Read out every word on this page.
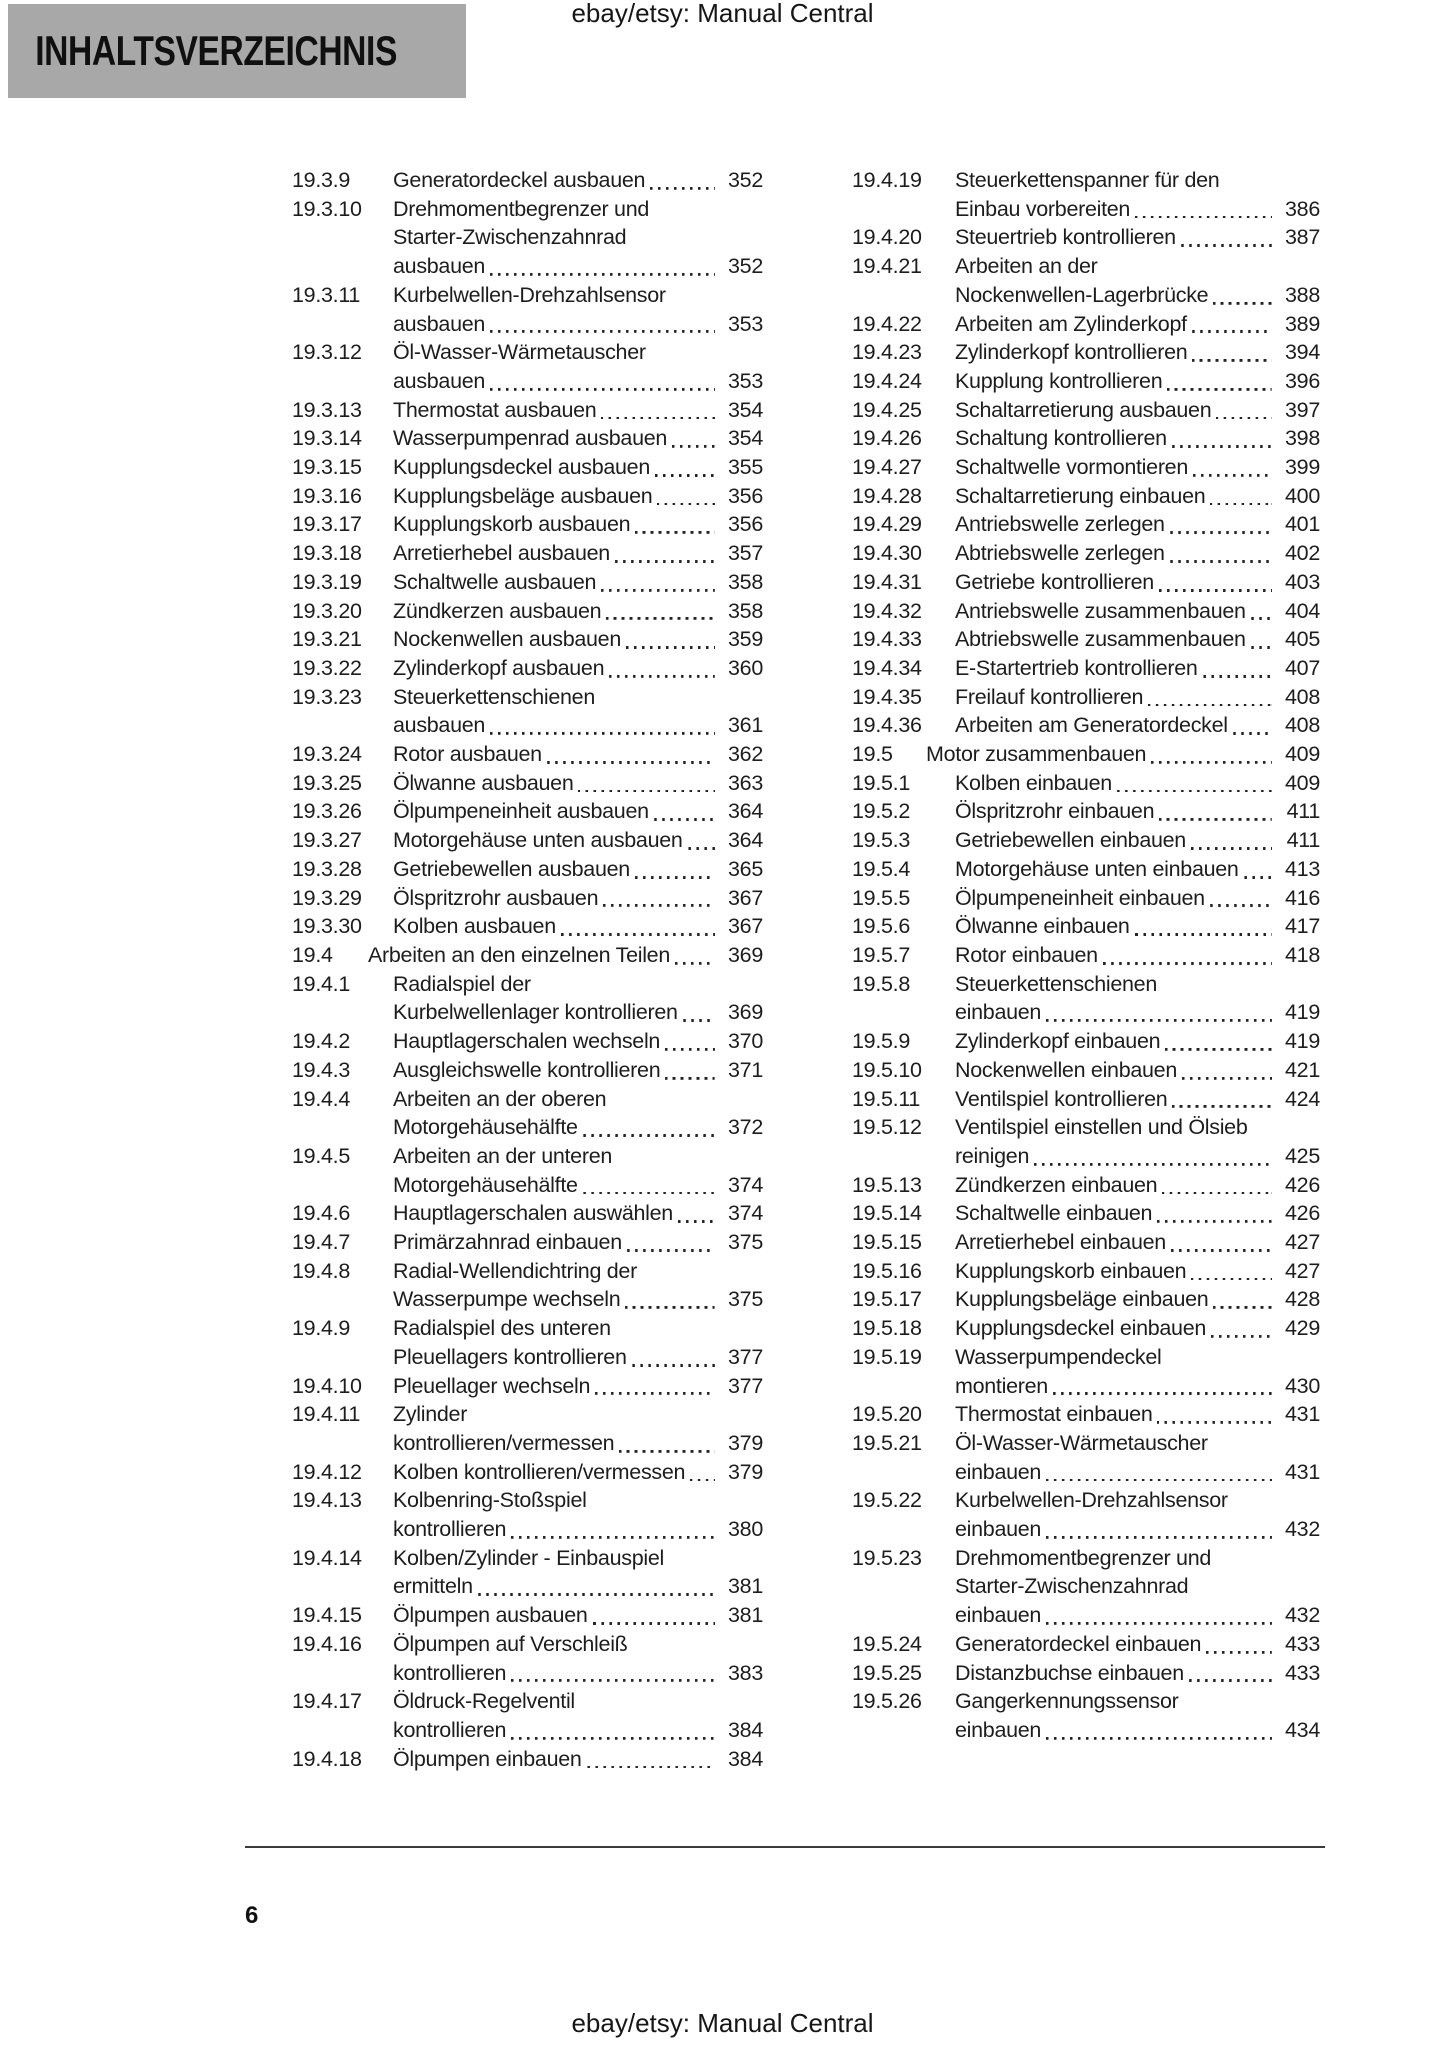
INHALTSVERZEICHNIS
ebay/etsy: Manual Central
19.3.9	Generatordeckel ausbauen	352
19.3.10	Drehmomentbegrenzer und
Starter-Zwischenzahnrad
ausbauen	352
19.3.11	Kurbelwellen-Drehzahlsensor
ausbauen	353
19.3.12	Öl-Wasser-Wärmetauscher
ausbauen	353
19.3.13	Thermostat ausbauen	354
19.3.14	Wasserpumpenrad ausbauen	354
19.3.15	Kupplungsdeckel ausbauen	355
19.3.16	Kupplungsbeläge ausbauen	356
19.3.17	Kupplungskorb ausbauen	356
19.3.18	Arretierhebel ausbauen	357
19.3.19	Schaltwelle ausbauen	358
19.3.20	Zündkerzen ausbauen	358
19.3.21	Nockenwellen ausbauen	359
19.3.22	Zylinderkopf ausbauen	360
19.3.23	Steuerkettenschienen
ausbauen	361
19.3.24	Rotor ausbauen	362
19.3.25	Ölwanne ausbauen	363
19.3.26	Ölpumpeneinheit ausbauen	364
19.3.27	Motorgehäuse unten ausbauen 364
19.3.28	Getriebewellen ausbauen	365
19.3.29	Ölspritzrohr ausbauen	367
19.3.30	Kolben ausbauen	367
19.4	Arbeiten an den einzelnen Teilen	369
19.4.1	Radialspiel der
Kurbelwellenlager kontrollieren 369
19.4.2	Hauptlagerschalen wechseln	370
19.4.3	Ausgleichswelle kontrollieren	371
19.4.4	Arbeiten an der oberen
Motorgehäusehälfte	372
19.4.5	Arbeiten an der unteren
Motorgehäusehälfte	374
19.4.6	Hauptlagerschalen auswählen	374
19.4.7	Primärzahnrad einbauen	375
19.4.8	Radial-Wellendichtring der
Wasserpumpe wechseln	375
19.4.9	Radialspiel des unteren
Pleuellagers kontrollieren	377
19.4.10	Pleuellager wechseln	377
19.4.11	Zylinder
kontrollieren/vermessen	379
19.4.12	Kolben kontrollieren/vermessen 379
19.4.13	Kolbenring-Stoßspiel
kontrollieren	380
19.4.14	Kolben/Zylinder - Einbauspiel
ermitteln	381
19.4.15	Ölpumpen ausbauen	381
19.4.16	Ölpumpen auf Verschleiß
kontrollieren	383
19.4.17	Öldruck-Regelventil
kontrollieren	384
19.4.18	Ölpumpen einbauen	384
19.4.19	Steuerkettenspanner für den
Einbau vorbereiten	386
19.4.20	Steuertrieb kontrollieren	387
19.4.21	Arbeiten an der
Nockenwellen-Lagerbrücke	388
19.4.22	Arbeiten am Zylinderkopf	389
19.4.23	Zylinderkopf kontrollieren	394
19.4.24	Kupplung kontrollieren	396
19.4.25	Schaltarretierung ausbauen	397
19.4.26	Schaltung kontrollieren	398
19.4.27	Schaltwelle vormontieren	399
19.4.28	Schaltarretierung einbauen	400
19.4.29	Antriebswelle zerlegen	401
19.4.30	Abtriebswelle zerlegen	402
19.4.31	Getriebe kontrollieren	403
19.4.32	Antriebswelle zusammenbauen 404
19.4.33	Abtriebswelle zusammenbauen 405
19.4.34	E-Startertrieb kontrollieren	407
19.4.35	Freilauf kontrollieren	408
19.4.36	Arbeiten am Generatordeckel	408
19.5	Motor zusammenbauen	409
19.5.1	Kolben einbauen	409
19.5.2	Ölspritzrohr einbauen	411
19.5.3	Getriebewellen einbauen	411
19.5.4	Motorgehäuse unten einbauen 413
19.5.5	Ölpumpeneinheit einbauen	416
19.5.6	Ölwanne einbauen	417
19.5.7	Rotor einbauen	418
19.5.8	Steuerkettenschienen
einbauen	419
19.5.9	Zylinderkopf einbauen	419
19.5.10	Nockenwellen einbauen	421
19.5.11	Ventilspiel kontrollieren	424
19.5.12	Ventilspiel einstellen und Ölsieb
reinigen	425
19.5.13	Zündkerzen einbauen	426
19.5.14	Schaltwelle einbauen	426
19.5.15	Arretierhebel einbauen	427
19.5.16	Kupplungskorb einbauen	427
19.5.17	Kupplungsbeläge einbauen	428
19.5.18	Kupplungsdeckel einbauen	429
19.5.19	Wasserpumpendeckel
montieren	430
19.5.20	Thermostat einbauen	431
19.5.21	Öl-Wasser-Wärmetauscher
einbauen	431
19.5.22	Kurbelwellen-Drehzahlsensor
einbauen	432
19.5.23	Drehmomentbegrenzer und
Starter-Zwischenzahnrad
einbauen	432
19.5.24	Generatordeckel einbauen	433
19.5.25	Distanzbuchse einbauen	433
19.5.26	Gangerkennungssensor
einbauen	434
6
ebay/etsy: Manual Central
